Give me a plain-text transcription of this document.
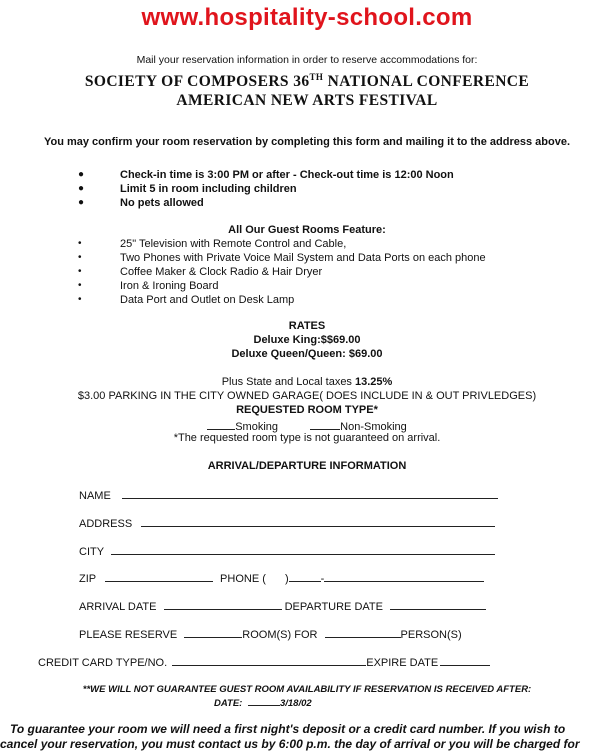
www.hospitality-school.com
Mail your reservation information in order to reserve accommodations for:
SOCIETY OF COMPOSERS 36TH NATIONAL CONFERENCE
AMERICAN NEW ARTS FESTIVAL
You may confirm your room reservation by completing this form and mailing it to the address above.
●	Check-in time is 3:00 PM or after - Check-out time is 12:00 Noon
●	Limit 5 in room including children
●	No pets allowed
All Our Guest Rooms Feature:
•	25" Television with Remote Control and Cable,
•	Two Phones with Private Voice Mail System and Data Ports on each phone
•	Coffee Maker & Clock Radio & Hair Dryer
•	Iron & Ironing Board
•	Data Port and Outlet on Desk Lamp
RATES
Deluxe King:$$69.00
Deluxe Queen/Queen: $69.00
Plus State and Local taxes 13.25%
$3.00 PARKING IN THE CITY OWNED GARAGE( DOES INCLUDE IN & OUT PRIVLEDGES)
REQUESTED ROOM TYPE*
Smoking	Non-Smoking
*The requested room type is not guaranteed on arrival.
ARRIVAL/DEPARTURE INFORMATION
NAME
ADDRESS
CITY
ZIP	PHONE ( )	-
ARRIVAL DATE	DEPARTURE DATE
PLEASE RESERVE	ROOM(S) FOR	PERSON(S)
CREDIT CARD TYPE/NO.	EXPIRE DATE
**WE WILL NOT GUARANTEE GUEST ROOM AVAILABILITY IF RESERVATION IS RECEIVED AFTER:
DATE:	3/18/02
To guarantee your room we will need a first night's deposit or a credit card number. If you wish to
cancel your reservation, you must contact us by 6:00 p.m. the day of arrival or you will be charged for
